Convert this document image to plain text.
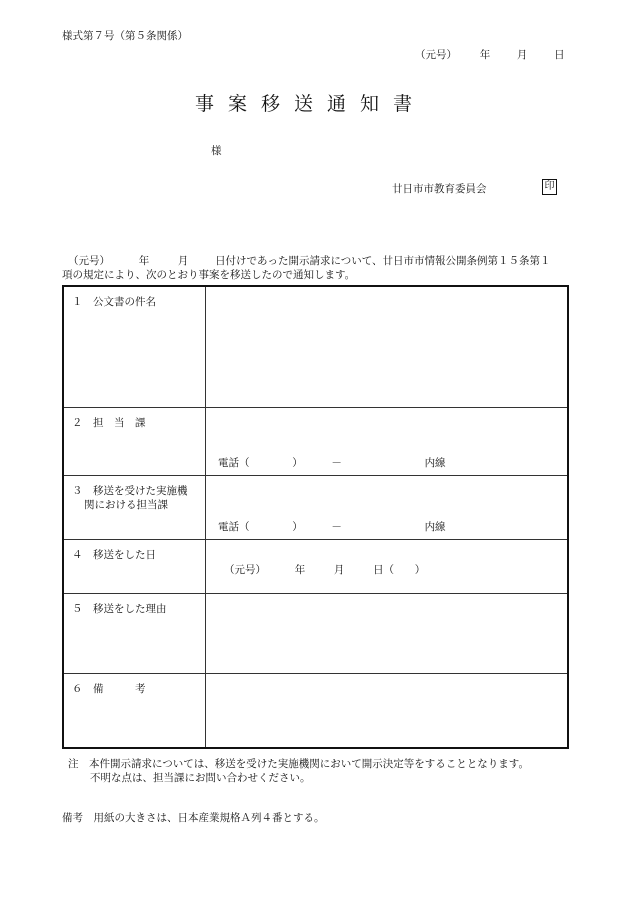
様式第７号（第５条関係）
（元号） 年	月	日
事案移送通知書
様
廿日市市教育委員会	印
（元号）	年	月	日付けであった開示請求について、廿日市市情報公開条例第１５条第１
項の規定により、次のとおり事案を移送したので通知します。
１　公文書の件名
２　担　当　課
電話（	）	－	内線
３　移送を受けた実施機
関における担当課
電話（	）	－	内線
４　移送をした日
（元号）	年	月	日（ ）
５　移送をした理由
６　備　　　考
注　本件開示請求については、移送を受けた実施機関において開示決定等をすることとなります。
不明な点は、担当課にお問い合わせください。
備考　用紙の大きさは、日本産業規格Ａ列４番とする。
